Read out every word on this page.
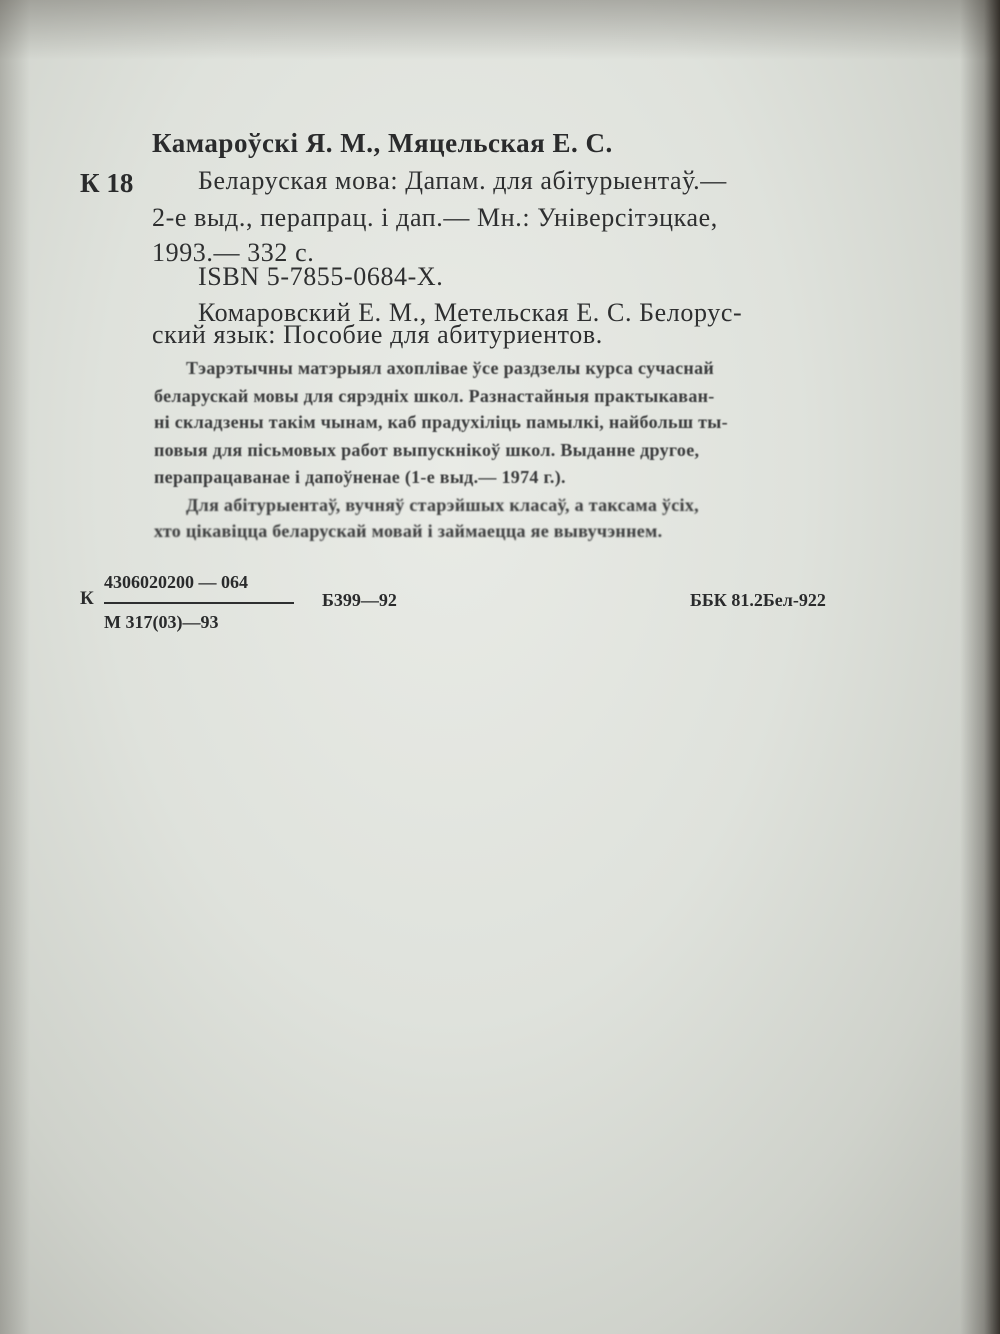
Камароўскі Я. М., Мяцельская Е. С.
К 18 Беларуская мова: Дапам. для абітурыентаў.—
2-е выд., перапрац. і дап.— Мн.: Універсітэцкае,
1993.— 332 с.
ISBN 5-7855-0684-X.
Комаровский Е. М., Метельская Е. С. Белорус-
ский язык: Пособие для абитуриентов.
Тэарэтычны матэрыял ахоплівае ўсе раздзелы курса сучаснай
беларускай мовы для сярэдніх школ. Разнастайныя практыкаван-
ні складзены такім чынам, каб прадухіліць памылкі, найбольш ты-
повыя для пісьмовых работ выпускнікоў школ. Выданне другое,
перапрацаванае і дапоўненае (1-е выд.— 1974 г.).
Для абітурыентаў, вучняў старэйшых класаў, а таксама ўсіх,
хто цікавіцца беларускай мовай і займаецца яе вывучэннем.
К
4306020200 — 064
М 317(03)—93
Б399—92	ББК 81.2Бел-922
